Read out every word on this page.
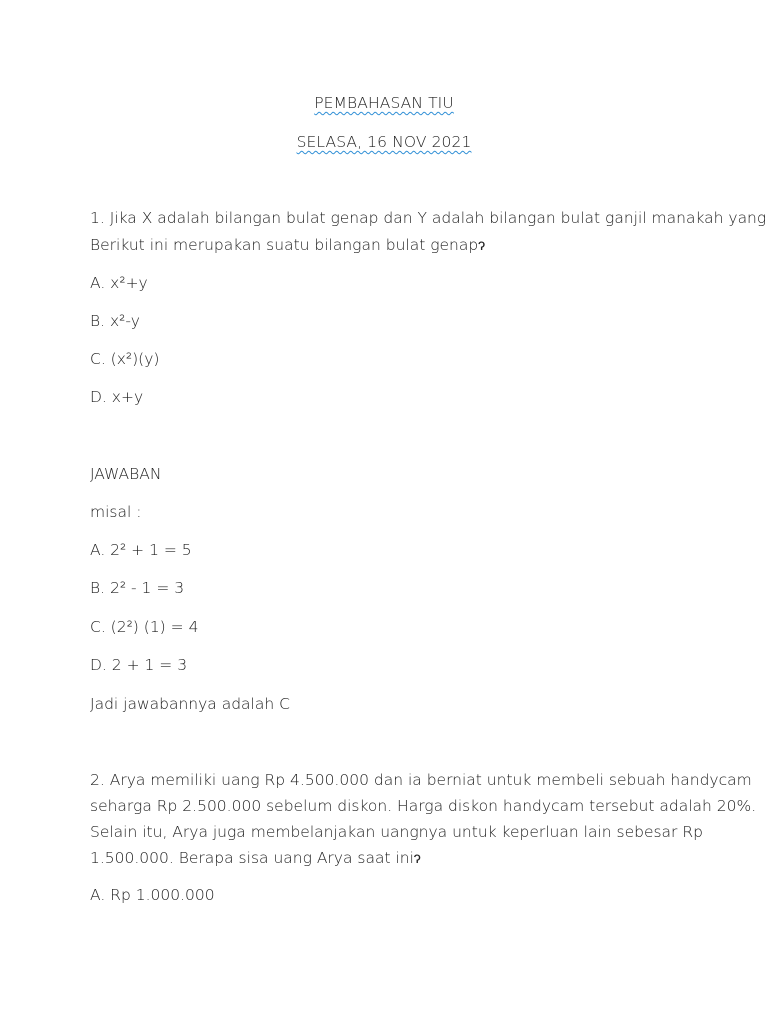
PEMBAHASAN TIU
SELASA, 16 NOV 2021
1. Jika X adalah bilangan bulat genap dan Y adalah bilangan bulat ganjil manakah yang
Berikut ini merupakan suatu bilangan bulat genapɂ
A. x²+y
B. x²-y
C. (x²)(y)
D. x+y
JAWABAN
misal :
A. 2² + 1 = 5
B. 2² - 1 = 3
C. (2²) (1) = 4
D. 2 + 1 = 3
Jadi jawabannya adalah C
2. Arya memiliki uang Rp 4.500.000 dan ia berniat untuk membeli sebuah handycam
seharga Rp 2.500.000 sebelum diskon. Harga diskon handycam tersebut adalah 20%.
Selain itu, Arya juga membelanjakan uangnya untuk keperluan lain sebesar Rp
1.500.000. Berapa sisa uang Arya saat iniɂ
A. Rp 1.000.000
